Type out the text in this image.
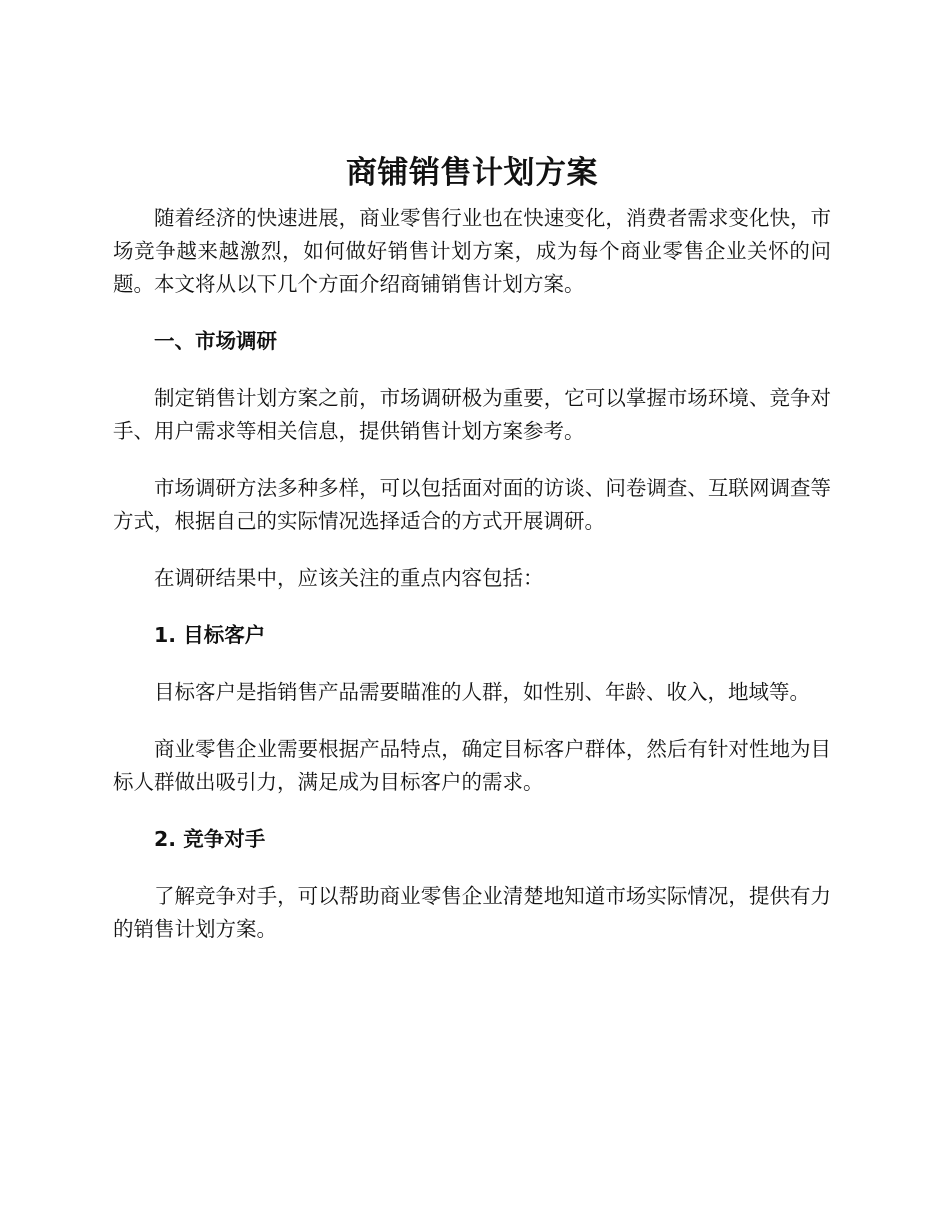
商铺销售计划方案

随着经济的快速进展，商业零售行业也在快速变化，消费者需求变化快，市场竞争越来越激烈，如何做好销售计划方案，成为每个商业零售企业关怀的问题。本文将从以下几个方面介绍商铺销售计划方案。

一、市场调研

制定销售计划方案之前，市场调研极为重要，它可以掌握市场环境、竞争对手、用户需求等相关信息，提供销售计划方案参考。

市场调研方法多种多样，可以包括面对面的访谈、问卷调查、互联网调查等方式，根据自己的实际情况选择适合的方式开展调研。

在调研结果中，应该关注的重点内容包括：

1. 目标客户

目标客户是指销售产品需要瞄准的人群，如性别、年龄、收入，地域等。

商业零售企业需要根据产品特点，确定目标客户群体，然后有针对性地为目标人群做出吸引力，满足成为目标客户的需求。

2. 竞争对手

了解竞争对手，可以帮助商业零售企业清楚地知道市场实际情况，提供有力的销售计划方案。
